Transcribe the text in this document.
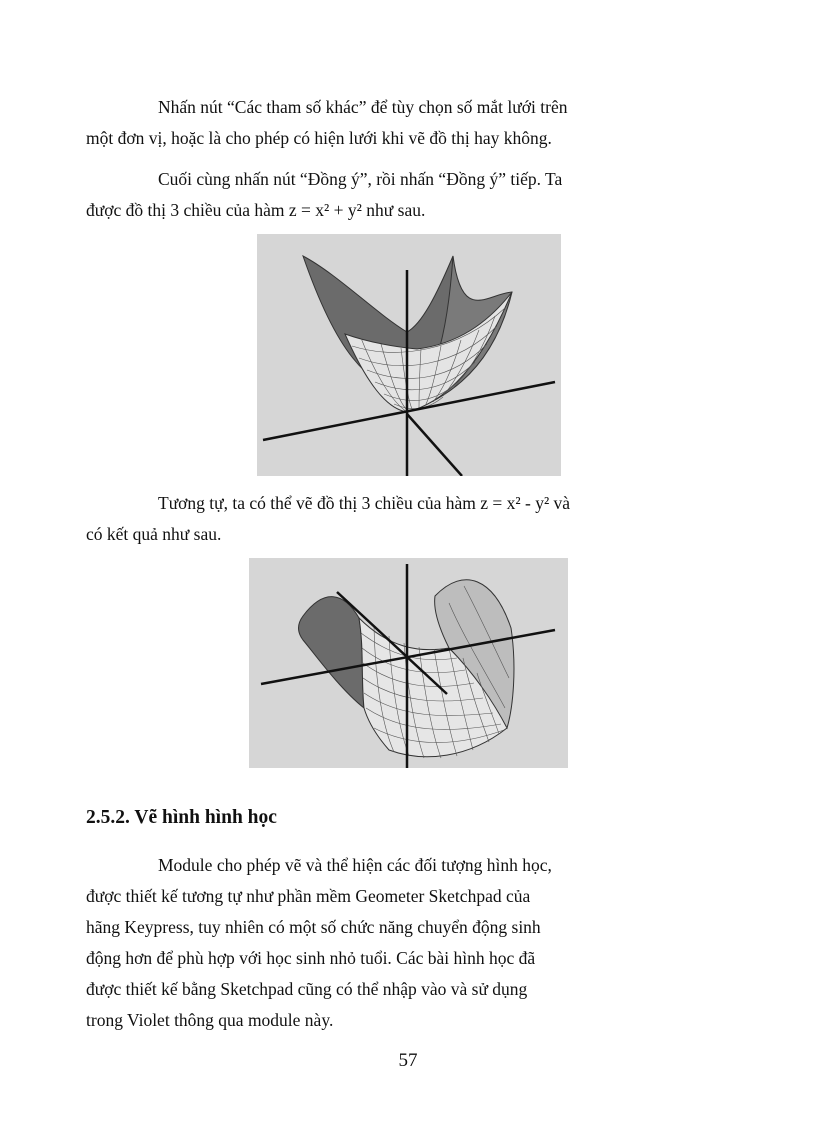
Nhấn nút “Các tham số khác” để tùy chọn số mắt lưới trên
một đơn vị, hoặc là cho phép có hiện lưới khi vẽ đồ thị hay không.

Cuối cùng nhấn nút “Đồng ý”, rồi nhấn “Đồng ý” tiếp. Ta
được đồ thị 3 chiều của hàm z = x² + y² như sau.

Tương tự, ta có thể vẽ đồ thị 3 chiều của hàm z = x² - y² và
có kết quả như sau.

2.5.2. Vẽ hình hình học

Module cho phép vẽ và thể hiện các đối tượng hình học,
được thiết kế tương tự như phần mềm Geometer Sketchpad của
hãng Keypress, tuy nhiên có một số chức năng chuyển động sinh
động hơn để phù hợp với học sinh nhỏ tuổi. Các bài hình học đã
được thiết kế bằng Sketchpad cũng có thể nhập vào và sử dụng
trong Violet thông qua module này.

57
